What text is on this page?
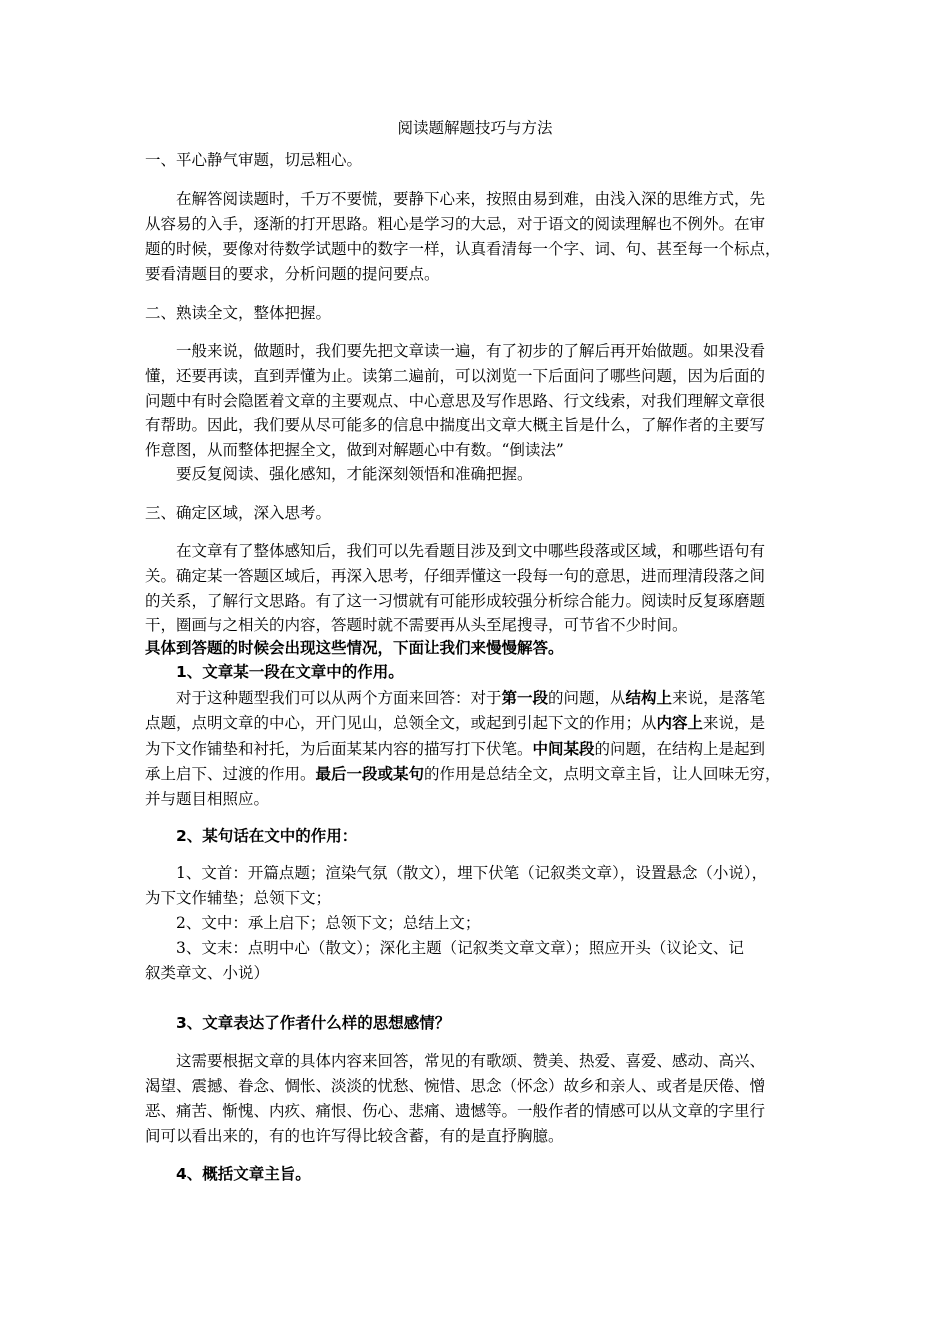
阅读题解题技巧与方法
一、平心静气审题，切忌粗心。
在解答阅读题时，千万不要慌，要静下心来，按照由易到难，由浅入深的思维方式，先
从容易的入手，逐渐的打开思路。粗心是学习的大忌，对于语文的阅读理解也不例外。在审
题的时候，要像对待数学试题中的数字一样，认真看清每一个字、词、句、甚至每一个标点，
要看清题目的要求，分析问题的提问要点。
二、熟读全文，整体把握。
一般来说，做题时，我们要先把文章读一遍，有了初步的了解后再开始做题。如果没看
懂，还要再读，直到弄懂为止。读第二遍前，可以浏览一下后面问了哪些问题，因为后面的
问题中有时会隐匿着文章的主要观点、中心意思及写作思路、行文线索，对我们理解文章很
有帮助。因此，我们要从尽可能多的信息中揣度出文章大概主旨是什么，了解作者的主要写
作意图，从而整体把握全文，做到对解题心中有数。“倒读法”
要反复阅读、强化感知，才能深刻领悟和准确把握。
三、确定区域，深入思考。
在文章有了整体感知后，我们可以先看题目涉及到文中哪些段落或区域，和哪些语句有
关。确定某一答题区域后，再深入思考，仔细弄懂这一段每一句的意思，进而理清段落之间
的关系，了解行文思路。有了这一习惯就有可能形成较强分析综合能力。阅读时反复琢磨题
干，圈画与之相关的内容，答题时就不需要再从头至尾搜寻，可节省不少时间。
具体到答题的时候会出现这些情况，下面让我们来慢慢解答。
1、文章某一段在文章中的作用。
对于这种题型我们可以从两个方面来回答：对于第一段的问题，从结构上来说，是落笔
点题，点明文章的中心，开门见山，总领全文，或起到引起下文的作用；从内容上来说，是
为下文作铺垫和衬托，为后面某某内容的描写打下伏笔。中间某段的问题，在结构上是起到
承上启下、过渡的作用。最后一段或某句的作用是总结全文，点明文章主旨，让人回味无穷，
并与题目相照应。
2、某句话在文中的作用：
1、文首：开篇点题；渲染气氛（散文），埋下伏笔（记叙类文章），设置悬念（小说），
为下文作辅垫；总领下文；
2、文中：承上启下；总领下文；总结上文；
3、文末：点明中心（散文）；深化主题（记叙类文章文章）；照应开头（议论文、记
叙类章文、小说）
3、文章表达了作者什么样的思想感情？
这需要根据文章的具体内容来回答，常见的有歌颂、赞美、热爱、喜爱、感动、高兴、
渴望、震撼、眷念、惆怅、淡淡的忧愁、惋惜、思念（怀念）故乡和亲人、或者是厌倦、憎
恶、痛苦、惭愧、内疚、痛恨、伤心、悲痛、遗憾等。一般作者的情感可以从文章的字里行
间可以看出来的，有的也许写得比较含蓄，有的是直抒胸臆。
4、概括文章主旨。
